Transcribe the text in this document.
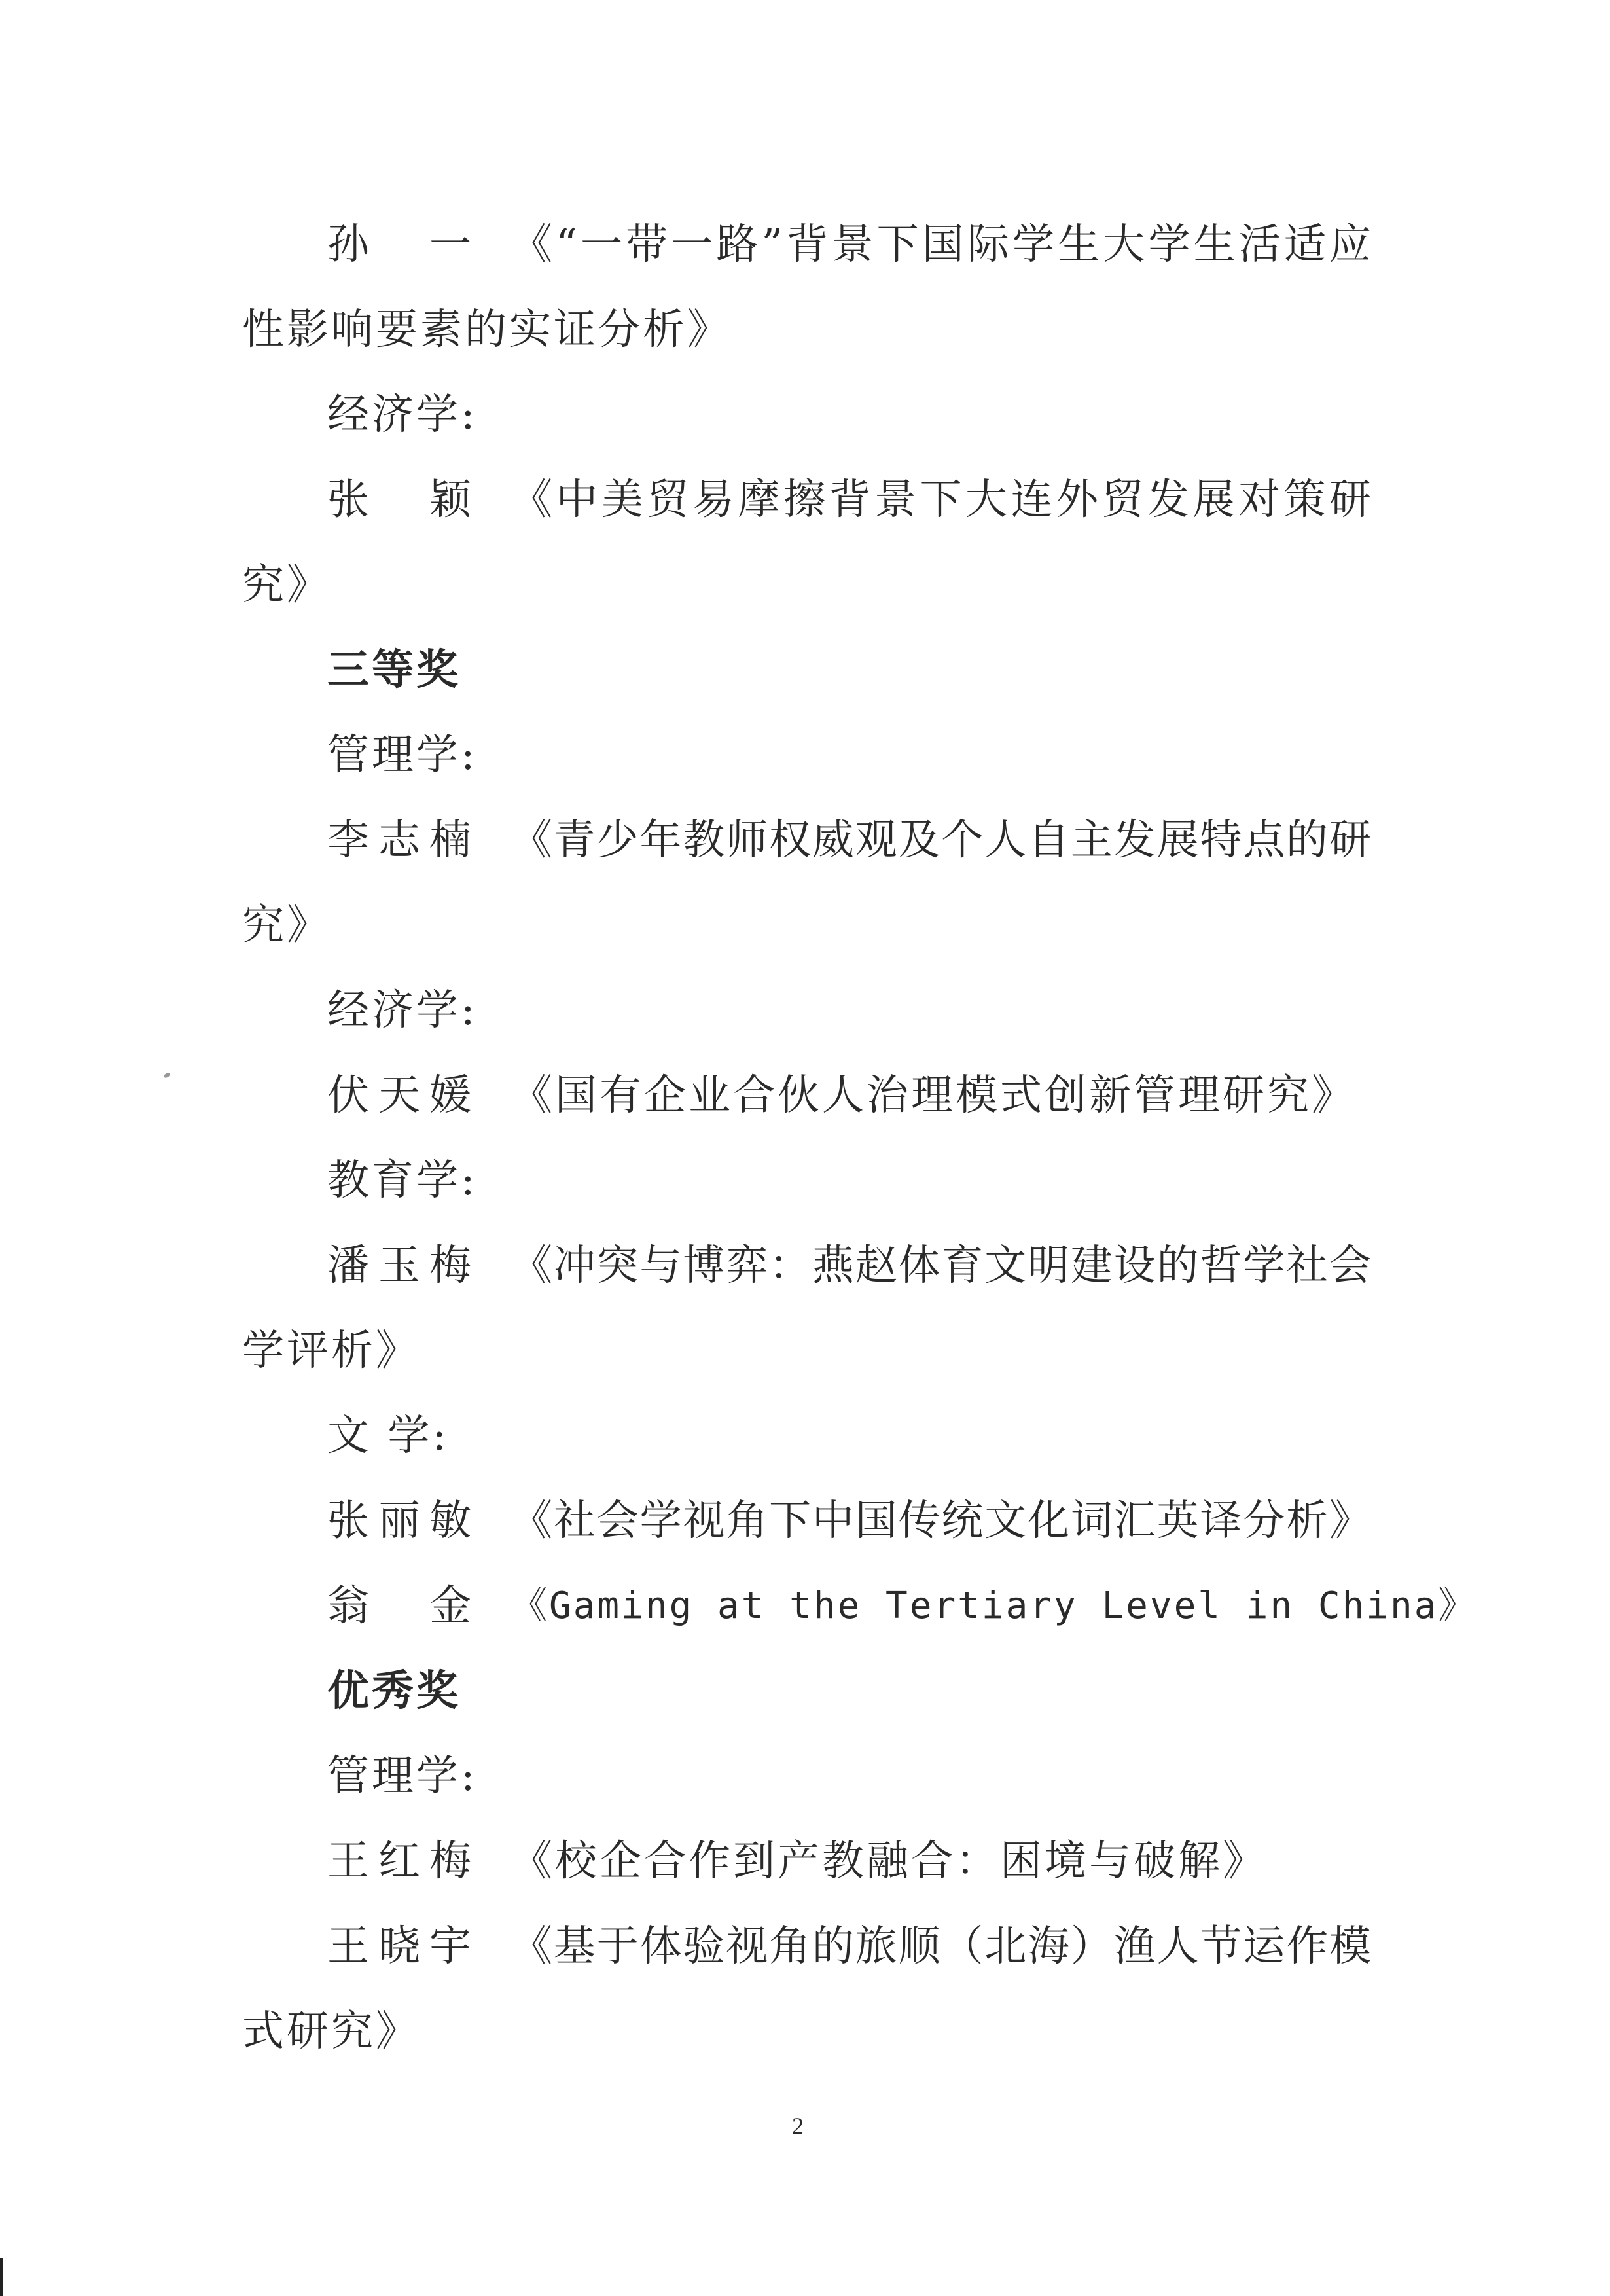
孙 一 《“一带一路”背景下国际学生大学生活适应
性影响要素的实证分析》
经济学:
张 颖 《中美贸易摩擦背景下大连外贸发展对策研
究》
三等奖
管理学:
李 志 楠 《青少年教师权威观及个人自主发展特点的研
究》
经济学:
伏 天 媛 《国有企业合伙人治理模式创新管理研究》
教育学:
潘 玉 梅 《冲突与博弈：燕赵体育文明建设的哲学社会
学评析》
文 学:
张 丽 敏 《社会学视角下中国传统文化词汇英译分析》
翁 金 《Gaming at the Tertiary Level in China》
优秀奖
管理学:
王 红 梅 《校企合作到产教融合：困境与破解》
王 晓 宇 《基于体验视角的旅顺（北海）渔人节运作模
式研究》
2
